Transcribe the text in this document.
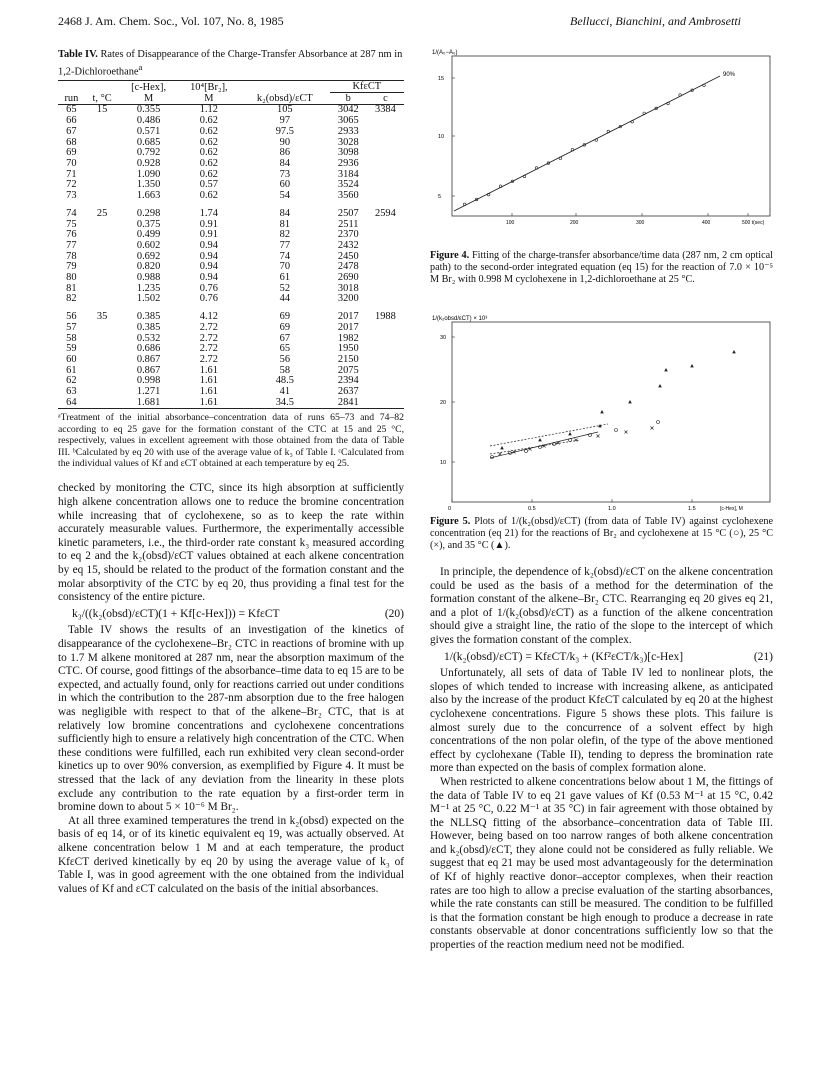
2468 J. Am. Chem. Soc., Vol. 107, No. 8, 1985	Bellucci, Bianchini, and Ambrosetti
Table IV. Rates of Disappearance of the Charge-Transfer Absorbance at 287 nm in 1,2-Dichloroethane$^a$
		[c-Hex],	10⁴[Br₂],		KfεCT	
run	t, °C	M	M	k₂(obsd)/εCT	b	c
65	15	0.355	1.12	105	3042	3384
66		0.486	0.62	97	3065	
67		0.571	0.62	97.5	2933	
68		0.685	0.62	90	3028	
69		0.792	0.62	86	3098	
70		0.928	0.62	84	2936	
71		1.090	0.62	73	3184	
72		1.350	0.57	60	3524	
73		1.663	0.62	54	3560	
74	25	0.298	1.74	84	2507	2594
75		0.375	0.91	81	2511	
76		0.499	0.91	82	2370	
77		0.602	0.94	77	2432	
78		0.692	0.94	74	2450	
79		0.820	0.94	70	2478	
80		0.988	0.94	61	2690	
81		1.235	0.76	52	3018	
82		1.502	0.76	44	3200	
56	35	0.385	4.12	69	2017	1988
57		0.385	2.72	69	2017	
58		0.532	2.72	67	1982	
59		0.686	2.72	65	1950	
60		0.867	2.72	56	2150	
61		0.867	1.61	58	2075	
62		0.998	1.61	48.5	2394	
63		1.271	1.61	41	2637	
64		1.681	1.61	34.5	2841	
ᵃTreatment of the initial absorbance–concentration data of runs 65–73 and 74–82 according to eq 25 gave for the formation constant of the CTC at 15 and 25 °C, respectively, values in excellent agreement with those obtained from the data of Table III. ᵇCalculated by eq 20 with use of the average value of k₃ of Table I. ᶜCalculated from the individual values of Kf and εCT obtained at each temperature by eq 25.

checked by monitoring the CTC, since its high absorption at sufficiently high alkene concentration allows one to reduce the bromine concentration while increasing that of cyclohexene, so as to keep the rate within accurately measurable values. Furthermore, the experimentally accessible kinetic parameters, i.e., the third-order rate constant k₃ measured according to eq 2 and the k₂(obsd)/εCT values obtained at each alkene concentration by eq 15, should be related to the product of the formation constant and the molar absorptivity of the CTC by eq 20, thus providing a final test for the consistency of the entire picture.

k₃/((k₂(obsd)/εCT)(1 + Kf[c-Hex])) = KfεCT	(20)

Table IV shows the results of an investigation of the kinetics of disappearance of the cyclohexene–Br₂ CTC in reactions of bromine with up to 1.7 M alkene monitored at 287 nm, near the absorption maximum of the CTC. Of course, good fittings of the absorbance–time data to eq 15 are to be expected, and actually found, only for reactions carried out under conditions in which the contribution to the 287-nm absorption due to the free halogen was negligible with respect to that of the alkene–Br₂ CTC, that is at relatively low bromine concentrations and cyclohexene concentrations sufficiently high to ensure a relatively high concentration of the CTC. When these conditions were fulfilled, each run exhibited very clean second-order kinetics up to over 90% conversion, as exemplified by Figure 4. It must be stressed that the lack of any deviation from the linearity in these plots exclude any contribution to the rate equation by a first-order term in bromine down to about 5 × 10⁻⁶ M Br₂.

At all three examined temperatures the trend in k₂(obsd) expected on the basis of eq 14, or of its kinetic equivalent eq 19, was actually observed. At alkene concentration below 1 M and at each temperature, the product KfεCT derived kinetically by eq 20 by using the average value of k₃ of Table I, was in good agreement with the one obtained from the individual values of Kf and εCT calculated on the basis of the initial absorbances.

1/(A₀−A₀)
15
10
5
100	200	300	400	500 t(sec)
90%
Figure 4. Fitting of the charge-transfer absorbance/time data (287 nm, 2 cm optical path) to the second-order integrated equation (eq 15) for the reaction of 7.0 × 10⁻⁵ M Br₂ with 0.998 M cyclohexene in 1,2-dichloroethane at 25 °C.
1/(k₂obsd/εCT) × 10³
30
20
10
0	0.5	1.0	1.5	[c-Hex], M
Figure 5. Plots of 1/(k₂(obsd)/εCT) (from data of Table IV) against cyclohexene concentration (eq 21) for the reactions of Br₂ and cyclohexene at 15 °C (○), 25 °C (×), and 35 °C (▲).

In principle, the dependence of k₂(obsd)/εCT on the alkene concentration could be used as the basis of a method for the determination of the formation constant of the alkene–Br₂ CTC. Rearranging eq 20 gives eq 21, and a plot of 1/(k₂(obsd)/εCT) as a function of the alkene concentration should give a straight line, the ratio of the slope to the intercept of which gives the formation constant of the complex.

1/(k₂(obsd)/εCT) = KfεCT/k₃ + (Kf²εCT/k₃)[c-Hex]	(21)

Unfortunately, all sets of data of Table IV led to nonlinear plots, the slopes of which tended to increase with increasing alkene, as anticipated also by the increase of the product KfεCT calculated by eq 20 at the highest cyclohexene concentrations. Figure 5 shows these plots. This failure is almost surely due to the concurrence of a solvent effect by high concentrations of the non polar olefin, of the type of the above mentioned effect by cyclohexane (Table II), tending to depress the bromination rate more than expected on the basis of complex formation alone.

When restricted to alkene concentrations below about 1 M, the fittings of the data of Table IV to eq 21 gave values of Kf (0.53 M⁻¹ at 15 °C, 0.42 M⁻¹ at 25 °C, 0.22 M⁻¹ at 35 °C) in fair agreement with those obtained by the NLLSQ fitting of the absorbance–concentration data of Table III. However, being based on too narrow ranges of both alkene concentration and k₂(obsd)/εCT, they alone could not be considered as fully reliable. We suggest that eq 21 may be used most advantageously for the determination of Kf of highly reactive donor–acceptor complexes, when their reaction rates are too high to allow a precise evaluation of the starting absorbances, while the rate constants can still be measured. The condition to be fulfilled is that the formation constant be high enough to produce a decrease in rate constants observable at donor concentrations sufficiently low so that the properties of the reaction medium need not be modified.
